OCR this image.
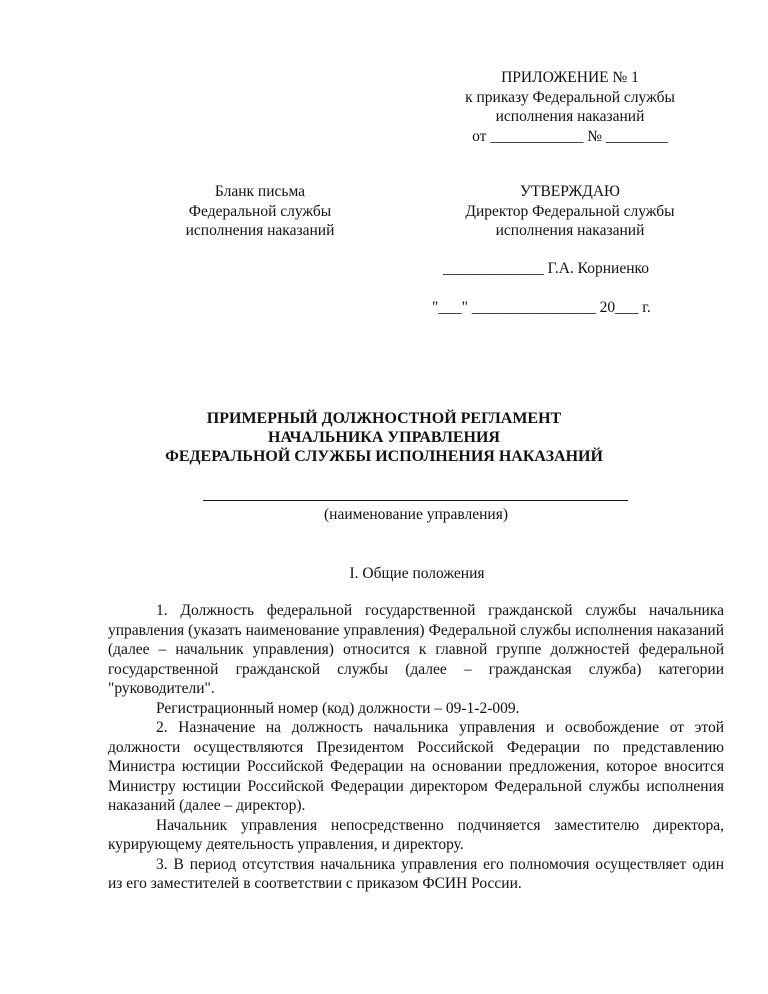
ПРИЛОЖЕНИЕ № 1
к приказу Федеральной службы
исполнения наказаний
от ____________ № ________
Бланк письма
Федеральной службы
исполнения наказаний
УТВЕРЖДАЮ
Директор Федеральной службы
исполнения наказаний
_____________ Г.А. Корниенко
"___" ________________ 20___ г.
ПРИМЕРНЫЙ ДОЛЖНОСТНОЙ РЕГЛАМЕНТ
НАЧАЛЬНИКА УПРАВЛЕНИЯ
ФЕДЕРАЛЬНОЙ СЛУЖБЫ ИСПОЛНЕНИЯ НАКАЗАНИЙ
(наименование управления)
I. Общие положения

1. Должность федеральной государственной гражданской службы начальника управления (указать наименование управления) Федеральной службы исполнения наказаний (далее – начальник управления) относится к главной группе должностей федеральной государственной гражданской службы (далее – гражданская служба) категории "руководители".

Регистрационный номер (код) должности – 09-1-2-009.

2. Назначение на должность начальника управления и освобождение от этой должности осуществляются Президентом Российской Федерации по представлению Министра юстиции Российской Федерации на основании предложения, которое вносится Министру юстиции Российской Федерации директором Федеральной службы исполнения наказаний (далее – директор).

Начальник управления непосредственно подчиняется заместителю директора, курирующему деятельность управления, и директору.

3. В период отсутствия начальника управления его полномочия осуществляет один из его заместителей в соответствии с приказом ФСИН России.
